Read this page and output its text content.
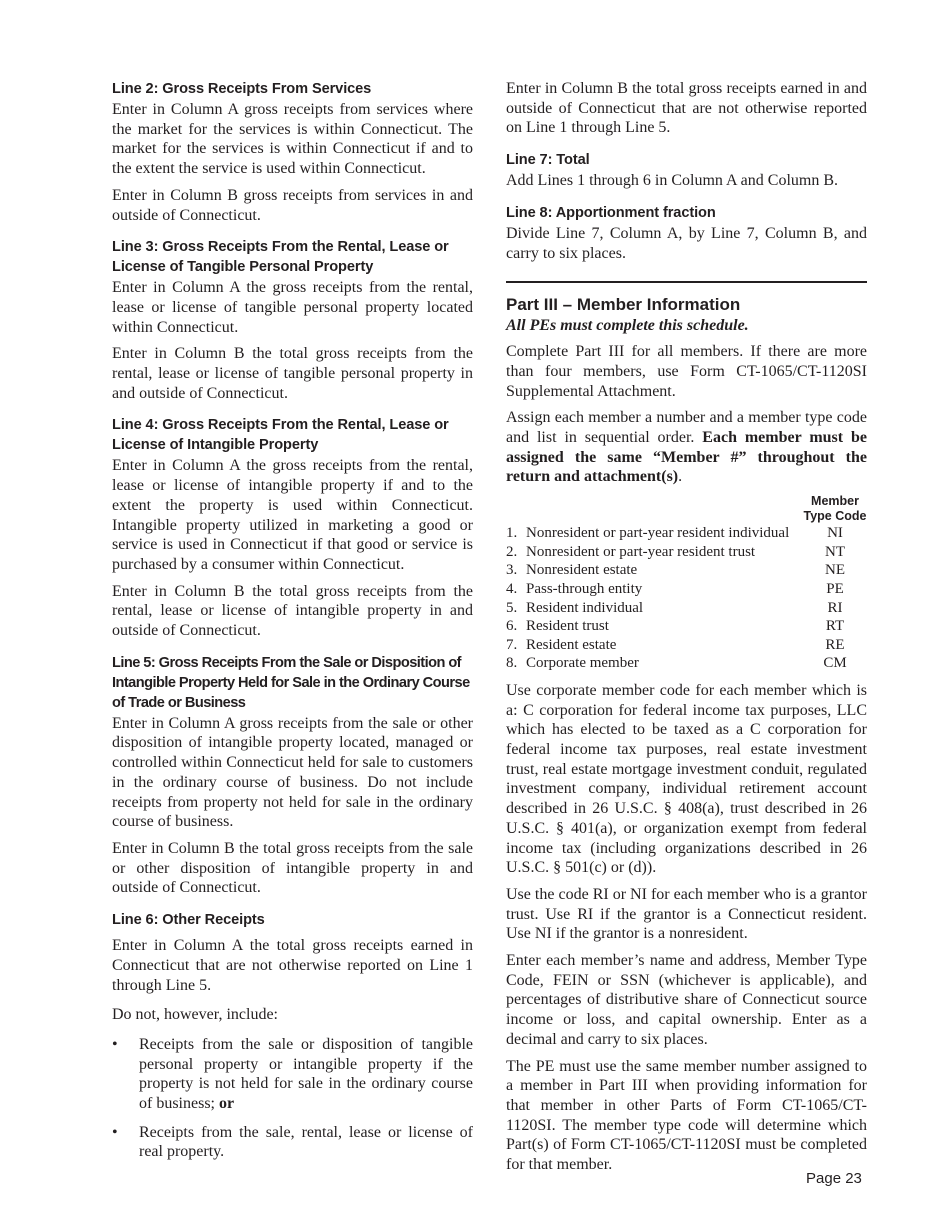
Line 2: Gross Receipts From Services

Enter in Column A gross receipts from services where the market for the services is within Connecticut. The market for the services is within Connecticut if and to the extent the service is used within Connecticut.

Enter in Column B gross receipts from services in and outside of Connecticut.

Line 3: Gross Receipts From the Rental, Lease or License of Tangible Personal Property

Enter in Column A the gross receipts from the rental, lease or license of tangible personal property located within Connecticut.

Enter in Column B the total gross receipts from the rental, lease or license of tangible personal property in and outside of Connecticut.

Line 4: Gross Receipts From the Rental, Lease or License of Intangible Property

Enter in Column A the gross receipts from the rental, lease or license of intangible property if and to the extent the property is used within Connecticut. Intangible property utilized in marketing a good or service is used in Connecticut if that good or service is purchased by a consumer within Connecticut.

Enter in Column B the total gross receipts from the rental, lease or license of intangible property in and outside of Connecticut.

Line 5: Gross Receipts From the Sale or Disposition of Intangible Property Held for Sale in the Ordinary Course of Trade or Business

Enter in Column A gross receipts from the sale or other disposition of intangible property located, managed or controlled within Connecticut held for sale to customers in the ordinary course of business. Do not include receipts from property not held for sale in the ordinary course of business.

Enter in Column B the total gross receipts from the sale or other disposition of intangible property in and outside of Connecticut.

Line 6: Other Receipts

Enter in Column A the total gross receipts earned in Connecticut that are not otherwise reported on Line 1 through Line 5.

Do not, however, include:

• Receipts from the sale or disposition of tangible personal property or intangible property if the property is not held for sale in the ordinary course of business; or
• Receipts from the sale, rental, lease or license of real property.

Enter in Column B the total gross receipts earned in and outside of Connecticut that are not otherwise reported on Line 1 through Line 5.

Line 7: Total

Add Lines 1 through 6 in Column A and Column B.

Line 8: Apportionment fraction

Divide Line 7, Column A, by Line 7, Column B, and carry to six places.

Part III – Member Information
All PEs must complete this schedule.

Complete Part III for all members. If there are more than four members, use Form CT-1065/CT-1120SI Supplemental Attachment.

Assign each member a number and a member type code and list in sequential order. Each member must be assigned the same “Member #” throughout the return and attachment(s).

		Member
Type Code
1.	Nonresident or part-year resident individual	NI
2.	Nonresident or part-year resident trust	NT
3.	Nonresident estate	NE
4.	Pass-through entity	PE
5.	Resident individual	RI
6.	Resident trust	RT
7.	Resident estate	RE
8.	Corporate member	CM

Use corporate member code for each member which is a: C corporation for federal income tax purposes, LLC which has elected to be taxed as a C corporation for federal income tax purposes, real estate investment trust, real estate mortgage investment conduit, regulated investment company, individual retirement account described in 26 U.S.C. § 408(a), trust described in 26 U.S.C. § 401(a), or organization exempt from federal income tax (including organizations described in 26 U.S.C. § 501(c) or (d)).

Use the code RI or NI for each member who is a grantor trust. Use RI if the grantor is a Connecticut resident. Use NI if the grantor is a nonresident.

Enter each member’s name and address, Member Type Code, FEIN or SSN (whichever is applicable), and percentages of distributive share of Connecticut source income or loss, and capital ownership. Enter as a decimal and carry to six places.

The PE must use the same member number assigned to a member in Part III when providing information for that member in other Parts of Form CT-1065/CT-1120SI. The member type code will determine which Part(s) of Form CT-1065/CT-1120SI must be completed for that member.

Page 23
